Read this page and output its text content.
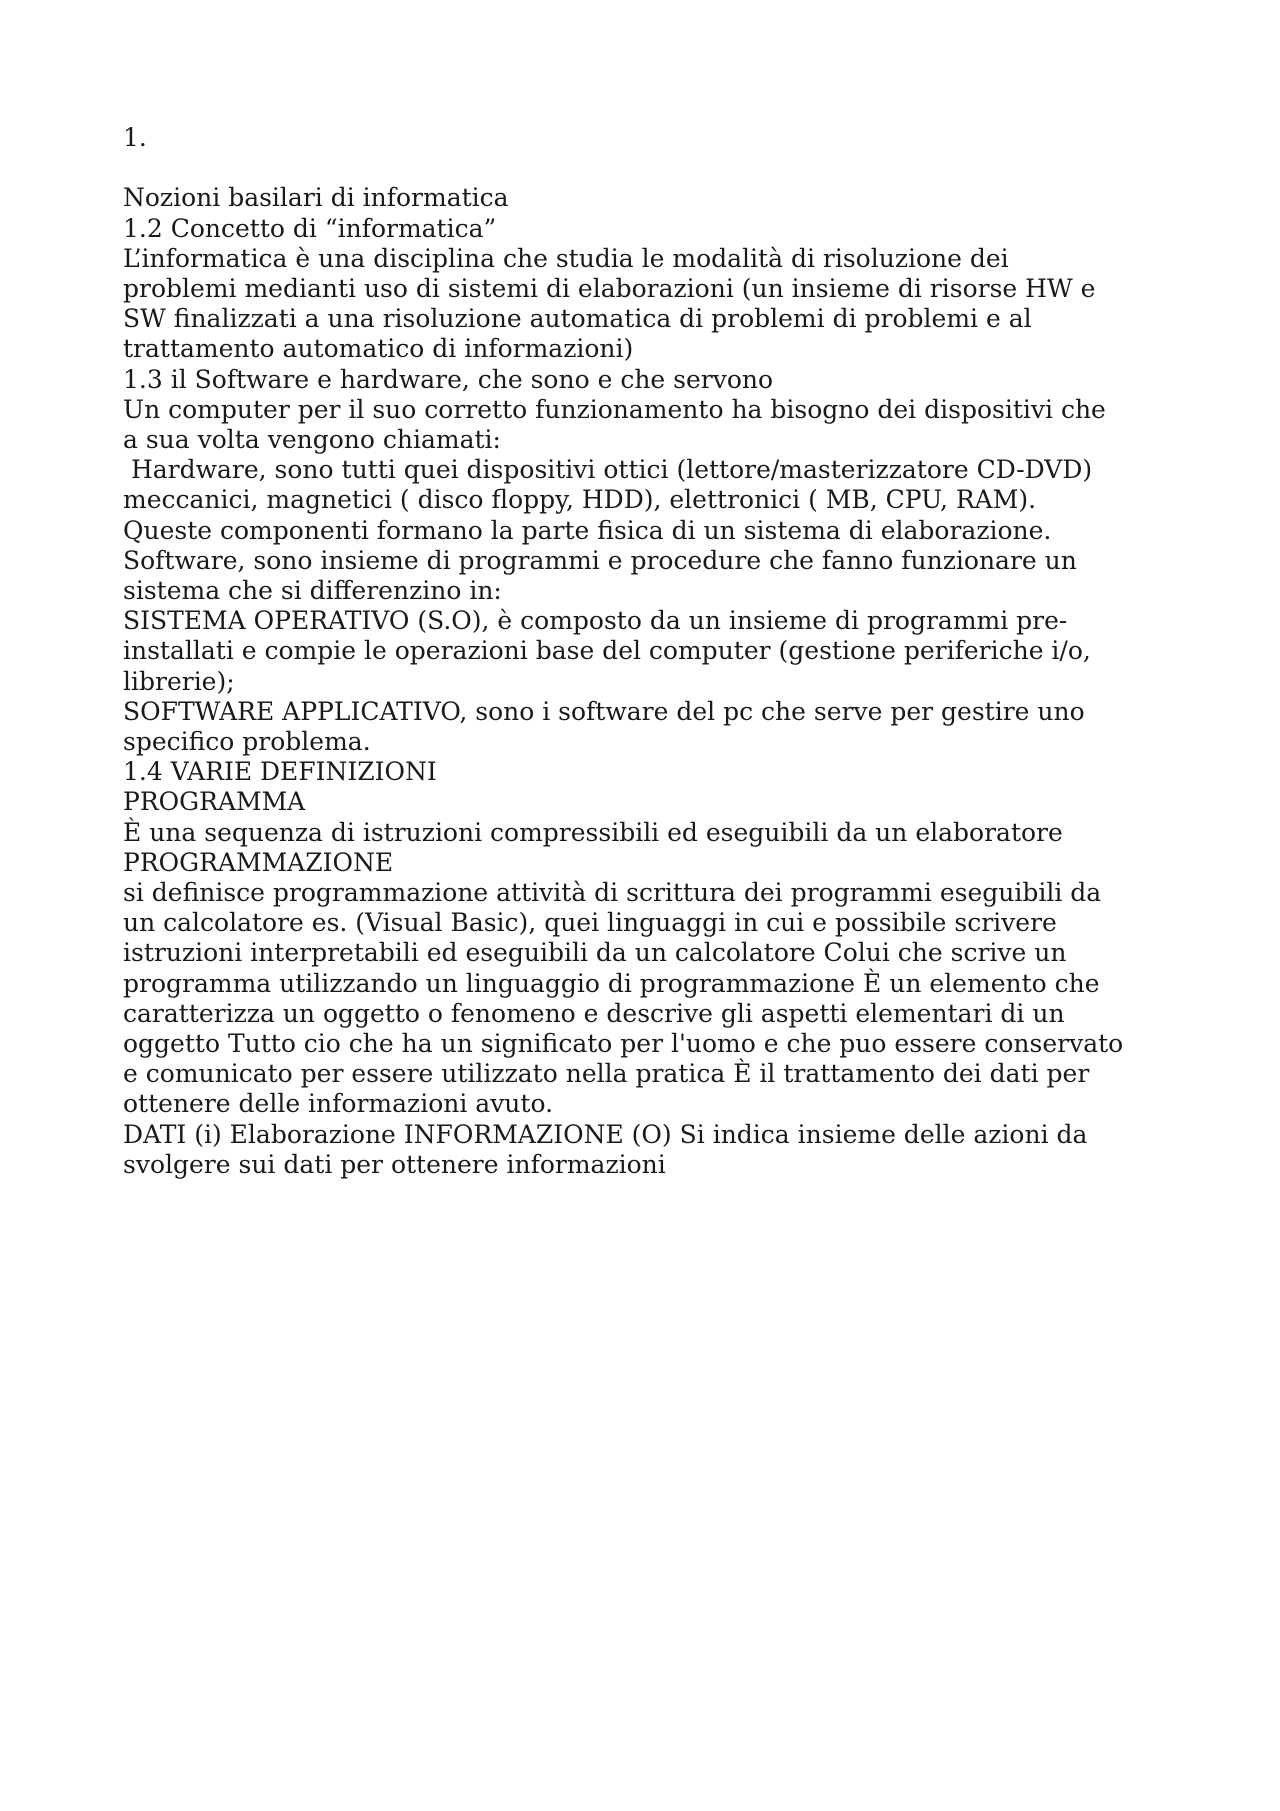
1.
Nozioni basilari di informatica
1.2 Concetto di “informatica”
L’informatica è una disciplina che studia le modalità di risoluzione dei
problemi medianti uso di sistemi di elaborazioni (un insieme di risorse HW e
SW finalizzati a una risoluzione automatica di problemi di problemi e al
trattamento automatico di informazioni)
1.3 il Software e hardware, che sono e che servono
Un computer per il suo corretto funzionamento ha bisogno dei dispositivi che
a sua volta vengono chiamati:
Hardware, sono tutti quei dispositivi ottici (lettore/masterizzatore CD-DVD)
meccanici, magnetici ( disco floppy, HDD), elettronici ( MB, CPU, RAM).
Queste componenti formano la parte fisica di un sistema di elaborazione.
Software, sono insieme di programmi e procedure che fanno funzionare un
sistema che si differenzino in:
SISTEMA OPERATIVO (S.O), è composto da un insieme di programmi pre-
installati e compie le operazioni base del computer (gestione periferiche i/o,
librerie);
SOFTWARE APPLICATIVO, sono i software del pc che serve per gestire uno
specifico problema.
1.4 VARIE DEFINIZIONI
PROGRAMMA
È una sequenza di istruzioni compressibili ed eseguibili da un elaboratore
PROGRAMMAZIONE
si definisce programmazione attività di scrittura dei programmi eseguibili da
un calcolatore es. (Visual Basic), quei linguaggi in cui e possibile scrivere
istruzioni interpretabili ed eseguibili da un calcolatore Colui che scrive un
programma utilizzando un linguaggio di programmazione È un elemento che
caratterizza un oggetto o fenomeno e descrive gli aspetti elementari di un
oggetto Tutto cio che ha un significato per l'uomo e che puo essere conservato
e comunicato per essere utilizzato nella pratica È il trattamento dei dati per
ottenere delle informazioni avuto.
DATI (i) Elaborazione INFORMAZIONE (O) Si indica insieme delle azioni da
svolgere sui dati per ottenere informazioni
